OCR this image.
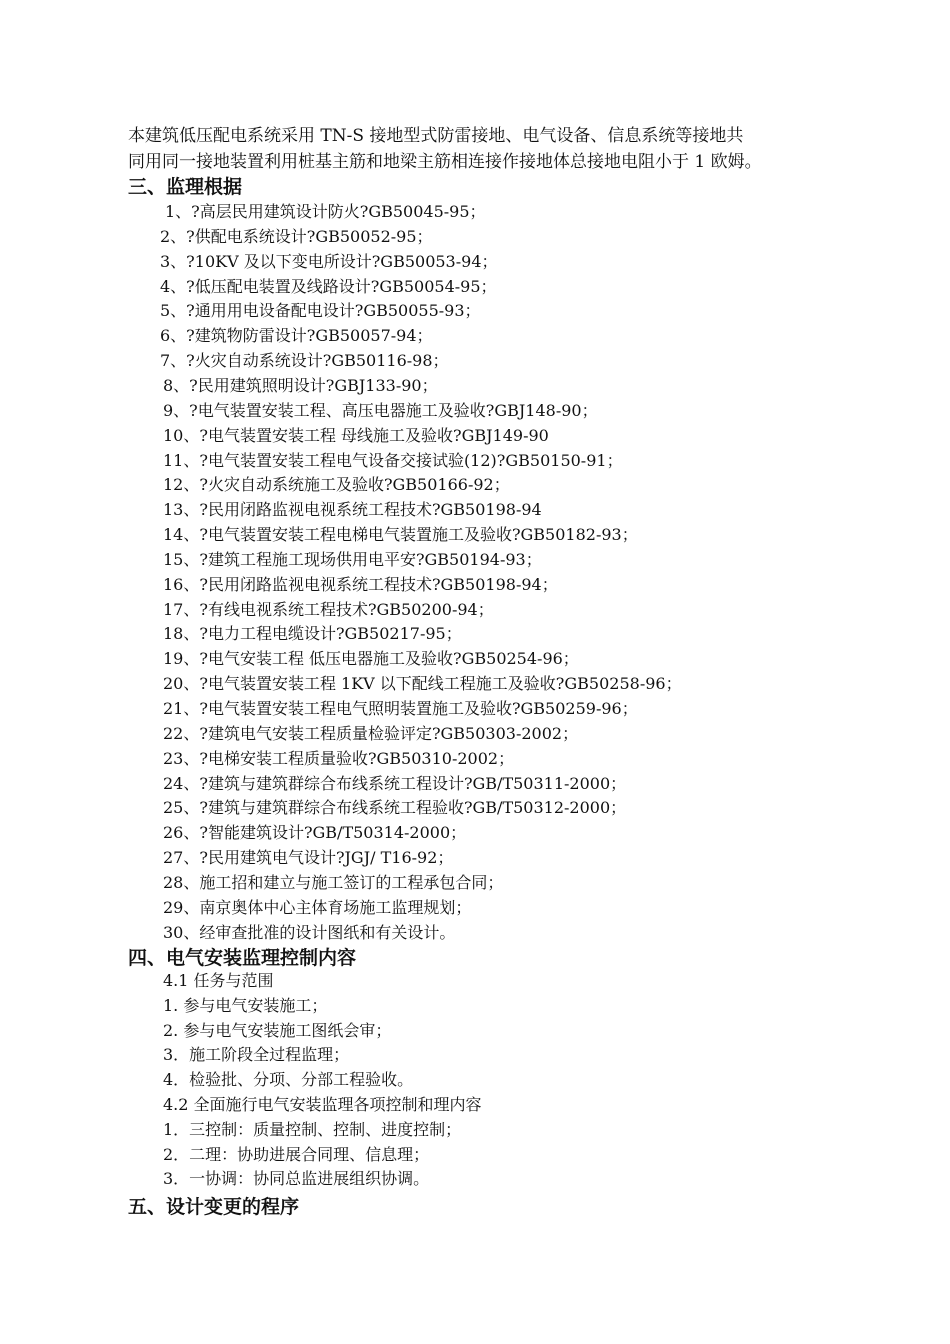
本建筑低压配电系统采用 TN-S 接地型式防雷接地、电气设备、信息系统等接地共
同用同一接地装置利用桩基主筋和地梁主筋相连接作接地体总接地电阻小于 1 欧姆。
三、监理根据
1、?高层民用建筑设计防火?GB50045-95；
2、?供配电系统设计?GB50052-95；
3、?10KV 及以下变电所设计?GB50053-94；
4、?低压配电装置及线路设计?GB50054-95；
5、?通用用电设备配电设计?GB50055-93；
6、?建筑物防雷设计?GB50057-94；
7、?火灾自动系统设计?GB50116-98；
8、?民用建筑照明设计?GBJ133-90；
9、?电气装置安装工程、高压电器施工及验收?GBJ148-90；
10、?电气装置安装工程 母线施工及验收?GBJ149-90
11、?电气装置安装工程电气设备交接试验(12)?GB50150-91；
12、?火灾自动系统施工及验收?GB50166-92；
13、?民用闭路监视电视系统工程技术?GB50198-94
14、?电气装置安装工程电梯电气装置施工及验收?GB50182-93；
15、?建筑工程施工现场供用电平安?GB50194-93；
16、?民用闭路监视电视系统工程技术?GB50198-94；
17、?有线电视系统工程技术?GB50200-94；
18、?电力工程电缆设计?GB50217-95；
19、?电气安装工程 低压电器施工及验收?GB50254-96；
20、?电气装置安装工程 1KV 以下配线工程施工及验收?GB50258-96；
21、?电气装置安装工程电气照明装置施工及验收?GB50259-96；
22、?建筑电气安装工程质量检验评定?GB50303-2002；
23、?电梯安装工程质量验收?GB50310-2002；
24、?建筑与建筑群综合布线系统工程设计?GB/T50311-2000；
25、?建筑与建筑群综合布线系统工程验收?GB/T50312-2000；
26、?智能建筑设计?GB/T50314-2000；
27、?民用建筑电气设计?JGJ/ T16-92；
28、施工招和建立与施工签订的工程承包合同；
29、南京奥体中心主体育场施工监理规划；
30、经审查批准的设计图纸和有关设计。
四、电气安装监理控制内容
4.1 任务与范围
1. 参与电气安装施工；
2. 参与电气安装施工图纸会审；
3．施工阶段全过程监理；
4．检验批、分项、分部工程验收。
4.2 全面施行电气安装监理各项控制和理内容
1．三控制：质量控制、控制、进度控制；
2．二理：协助进展合同理、信息理；
3．一协调：协同总监进展组织协调。
五、设计变更的程序
